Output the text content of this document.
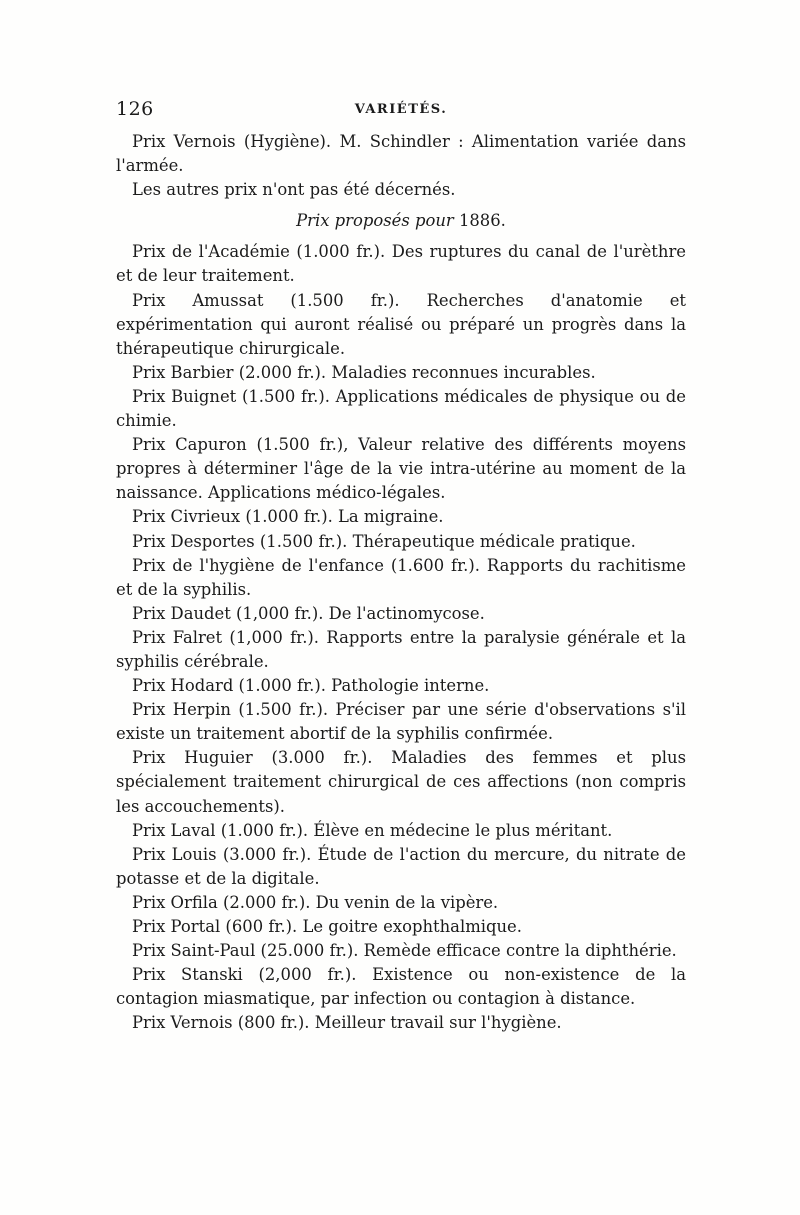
126	VARIÉTÉS.

Prix Vernois (Hygiène). M. Schindler : Alimentation variée dans l'armée.

Les autres prix n'ont pas été décernés.

Prix proposés pour 1886.

Prix de l'Académie (1.000 fr.). Des ruptures du canal de l'urèthre et de leur traitement.

Prix Amussat (1.500 fr.). Recherches d'anatomie et expérimentation qui auront réalisé ou préparé un progrès dans la thérapeutique chirurgicale.

Prix Barbier (2.000 fr.). Maladies reconnues incurables.

Prix Buignet (1.500 fr.). Applications médicales de physique ou de chimie.

Prix Capuron (1.500 fr.), Valeur relative des différents moyens propres à déterminer l'âge de la vie intra-utérine au moment de la naissance. Applications médico-légales.

Prix Civrieux (1.000 fr.). La migraine.

Prix Desportes (1.500 fr.). Thérapeutique médicale pratique.

Prix de l'hygiène de l'enfance (1.600 fr.). Rapports du rachitisme et de la syphilis.

Prix Daudet (1,000 fr.). De l'actinomycose.

Prix Falret (1,000 fr.). Rapports entre la paralysie générale et la syphilis cérébrale.

Prix Hodard (1.000 fr.). Pathologie interne.

Prix Herpin (1.500 fr.). Préciser par une série d'observations s'il existe un traitement abortif de la syphilis confirmée.

Prix Huguier (3.000 fr.). Maladies des femmes et plus spécialement traitement chirurgical de ces affections (non compris les accouchements).

Prix Laval (1.000 fr.). Élève en médecine le plus méritant.

Prix Louis (3.000 fr.). Étude de l'action du mercure, du nitrate de potasse et de la digitale.

Prix Orfila (2.000 fr.). Du venin de la vipère.

Prix Portal (600 fr.). Le goitre exophthalmique.

Prix Saint-Paul (25.000 fr.). Remède efficace contre la diphthérie.

Prix Stanski (2,000 fr.). Existence ou non-existence de la contagion miasmatique, par infection ou contagion à distance.

Prix Vernois (800 fr.). Meilleur travail sur l'hygiène.
